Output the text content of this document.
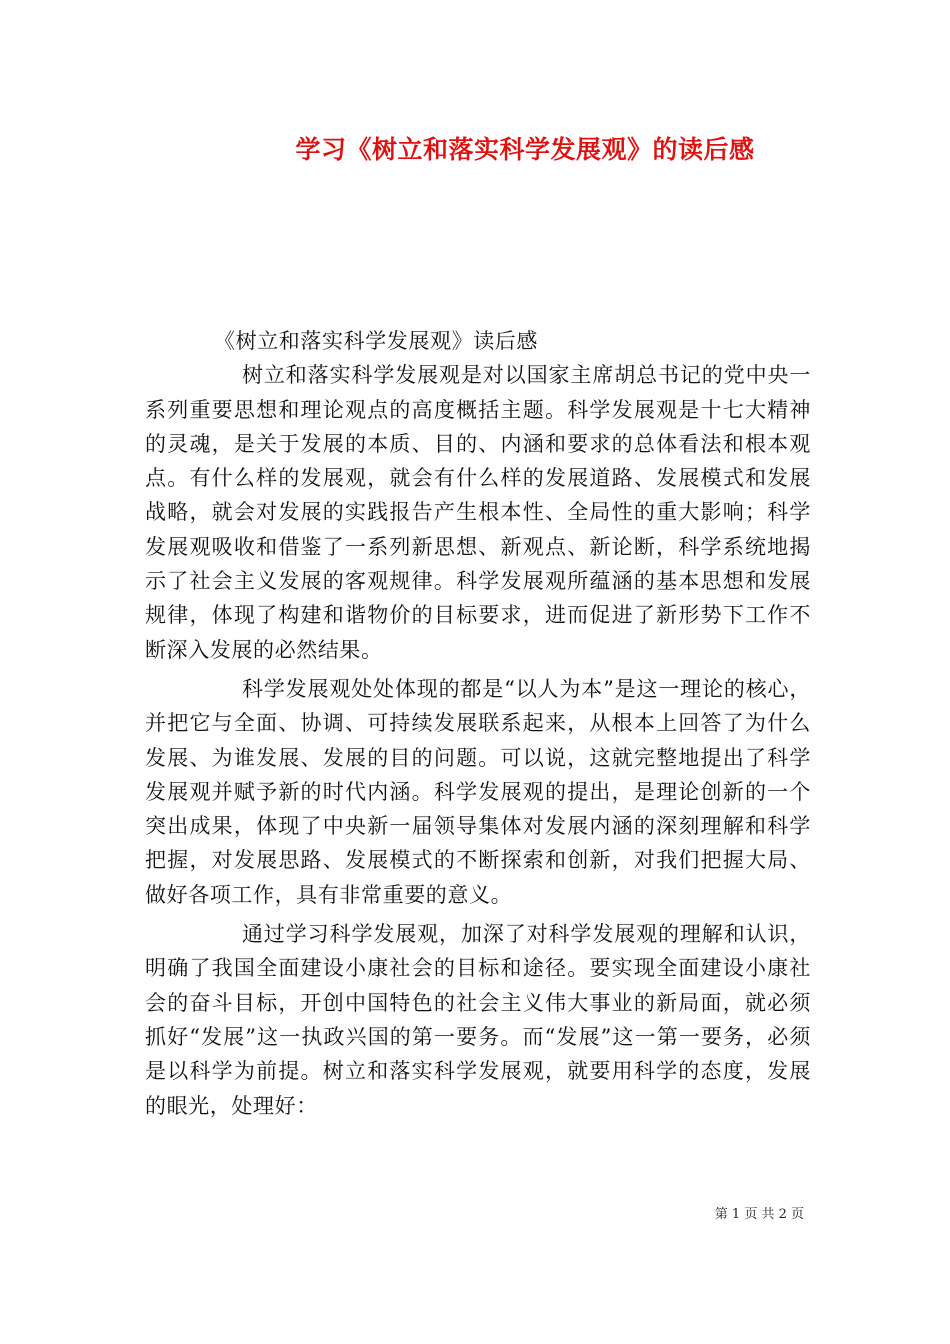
学习《树立和落实科学发展观》的读后感

《树立和落实科学发展观》读后感

树立和落实科学发展观是对以国家主席胡总书记的党中央一系列重要思想和理论观点的高度概括主题。科学发展观是十七大精神的灵魂，是关于发展的本质、目的、内涵和要求的总体看法和根本观点。有什么样的发展观，就会有什么样的发展道路、发展模式和发展战略，就会对发展的实践报告产生根本性、全局性的重大影响；科学发展观吸收和借鉴了一系列新思想、新观点、新论断，科学系统地揭示了社会主义发展的客观规律。科学发展观所蕴涵的基本思想和发展规律，体现了构建和谐物价的目标要求，进而促进了新形势下工作不断深入发展的必然结果。

科学发展观处处体现的都是“以人为本”是这一理论的核心，并把它与全面、协调、可持续发展联系起来，从根本上回答了为什么发展、为谁发展、发展的目的问题。可以说，这就完整地提出了科学发展观并赋予新的时代内涵。科学发展观的提出，是理论创新的一个突出成果，体现了中央新一届领导集体对发展内涵的深刻理解和科学把握，对发展思路、发展模式的不断探索和创新，对我们把握大局、做好各项工作，具有非常重要的意义。

通过学习科学发展观，加深了对科学发展观的理解和认识，明确了我国全面建设小康社会的目标和途径。要实现全面建设小康社会的奋斗目标，开创中国特色的社会主义伟大事业的新局面，就必须抓好“发展”这一执政兴国的第一要务。而“发展”这一第一要务，必须是以科学为前提。树立和落实科学发展观，就要用科学的态度，发展的眼光，处理好：

第 1 页 共 2 页
